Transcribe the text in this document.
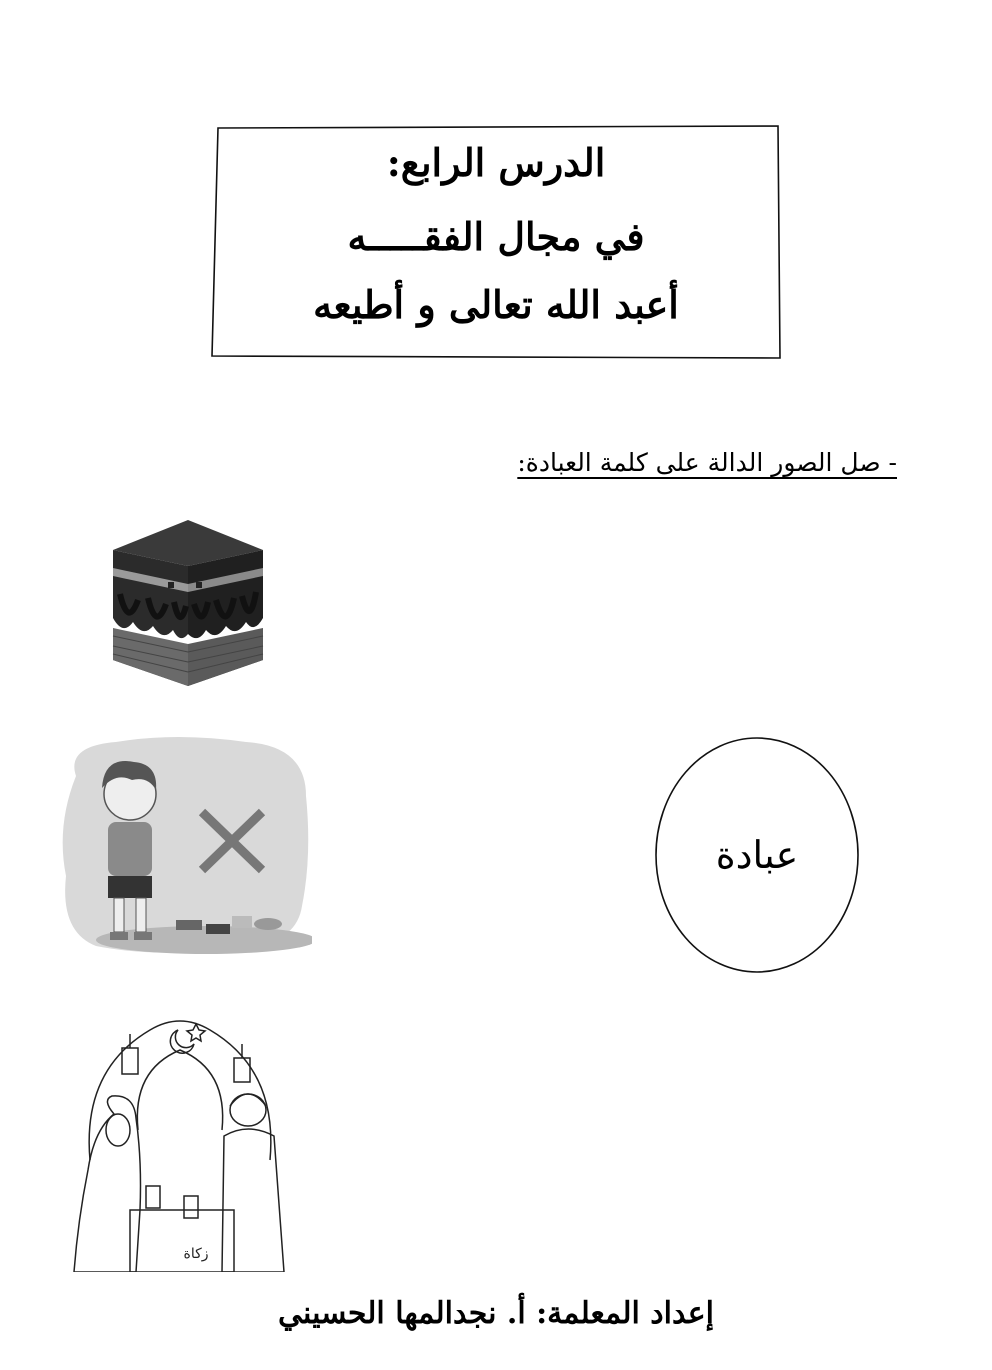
الدرس الرابع:
في مجال الفقـــــه
أعبد الله تعالى و أطيعه
- صل الصور الدالة على كلمة العبادة:
زكاة
عبادة
إعداد المعلمة: أ. نجدالمها الحسيني
